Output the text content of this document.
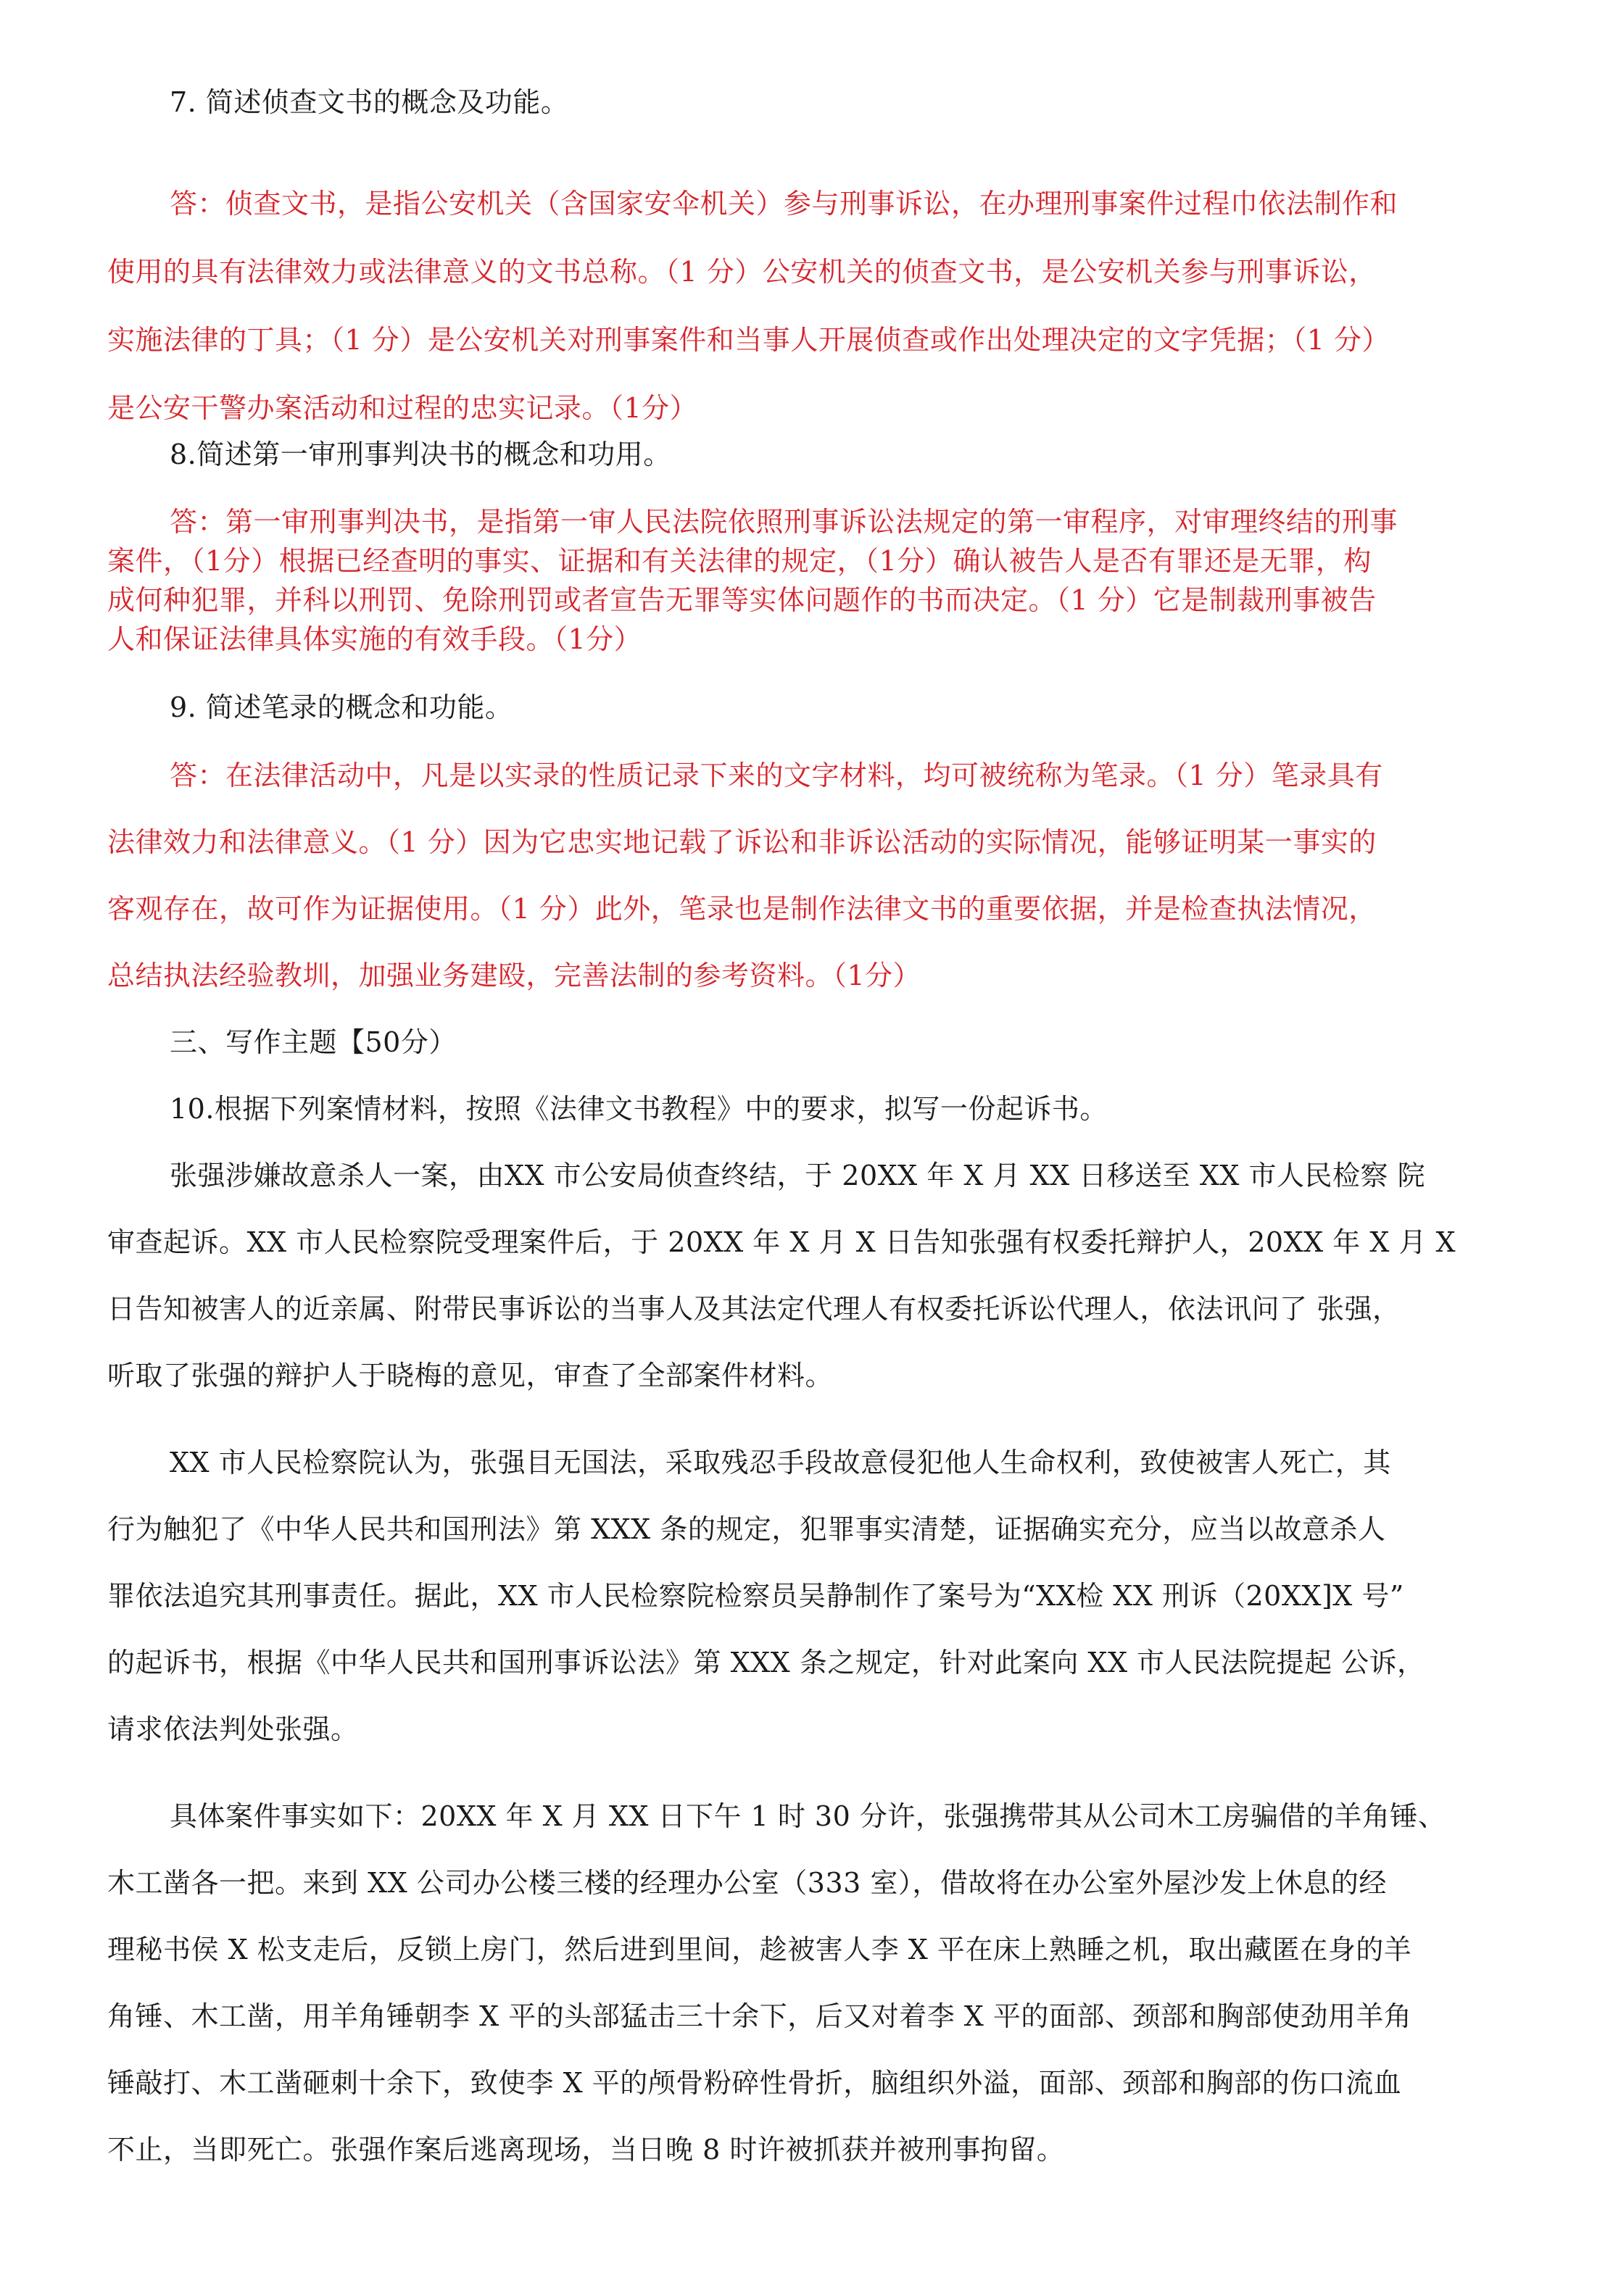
7. 简述侦查文书的概念及功能。
答：侦查文书，是指公安机关（含国家安伞机关）参与刑事诉讼，在办理刑事案件过程巾依法制作和
使用的具有法律效力或法律意义的文书总称。（1 分）公安机关的侦查文书，是公安机关参与刑事诉讼，
实施法律的丁具；（1 分）是公安机关对刑事案件和当事人开展侦查或作出处理决定的文字凭据；（1 分）
是公安干警办案活动和过程的忠实记录。（1分）
8.简述第一审刑事判决书的概念和功用。
答：第一审刑事判决书，是指第一审人民法院依照刑事诉讼法规定的第一审程序，对审理终结的刑事
案件，（1分）根据已经查明的事实、证据和有关法律的规定，（1分）确认被告人是否有罪还是无罪，构
成何种犯罪，并科以刑罚、免除刑罚或者宣告无罪等实体问题作的书而决定。（1 分）它是制裁刑事被告
人和保证法律具体实施的有效手段。（1分）
9. 简述笔录的概念和功能。
答：在法律活动中，凡是以实录的性质记录下来的文字材料，均可被统称为笔录。（1 分）笔录具有
法律效力和法律意义。（1 分）因为它忠实地记载了诉讼和非诉讼活动的实际情况，能够证明某一事实的
客观存在，故可作为证据使用。（1 分）此外，笔录也是制作法律文书的重要依据，并是检查执法情况，
总结执法经验教圳，加强业务建殴，完善法制的参考资料。（1分）
三、写作主题【50分）
10.根据下列案情材料，按照《法律文书教程》中的要求，拟写一份起诉书。
张强涉嫌故意杀人一案，由XX 市公安局侦查终结，于 20XX 年 X 月 XX 日移送至 XX 市人民检察 院
审查起诉。XX 市人民检察院受理案件后，于 20XX 年 X 月 X 日告知张强有权委托辩护人，20XX 年 X 月 X
日告知被害人的近亲属、附带民事诉讼的当事人及其法定代理人有权委托诉讼代理人，依法讯问了 张强，
听取了张强的辩护人于晓梅的意见，审查了全部案件材料。
XX 市人民检察院认为，张强目无国法，采取残忍手段故意侵犯他人生命权利，致使被害人死亡，其
行为触犯了《中华人民共和国刑法》第 XXX 条的规定，犯罪事实清楚，证据确实充分，应当以故意杀人
罪依法追究其刑事责任。据此，XX 市人民检察院检察员吴静制作了案号为“XX检 XX 刑诉（20XX]X 号”
的起诉书，根据《中华人民共和国刑事诉讼法》第 XXX 条之规定，针对此案向 XX 市人民法院提起 公诉，
请求依法判处张强。
具体案件事实如下：20XX 年 X 月 XX 日下午 1 时 30 分许，张强携带其从公司木工房骗借的羊角锤、
木工凿各一把。来到 XX 公司办公楼三楼的经理办公室（333 室），借故将在办公室外屋沙发上休息的经
理秘书侯 X 松支走后，反锁上房门，然后进到里间，趁被害人李 X 平在床上熟睡之机，取出藏匿在身的羊
角锤、木工凿，用羊角锤朝李 X 平的头部猛击三十余下，后又对着李 X 平的面部、颈部和胸部使劲用羊角
锤敲打、木工凿砸刺十余下，致使李 X 平的颅骨粉碎性骨折，脑组织外溢，面部、颈部和胸部的伤口流血
不止，当即死亡。张强作案后逃离现场，当日晚 8 时许被抓获并被刑事拘留。
